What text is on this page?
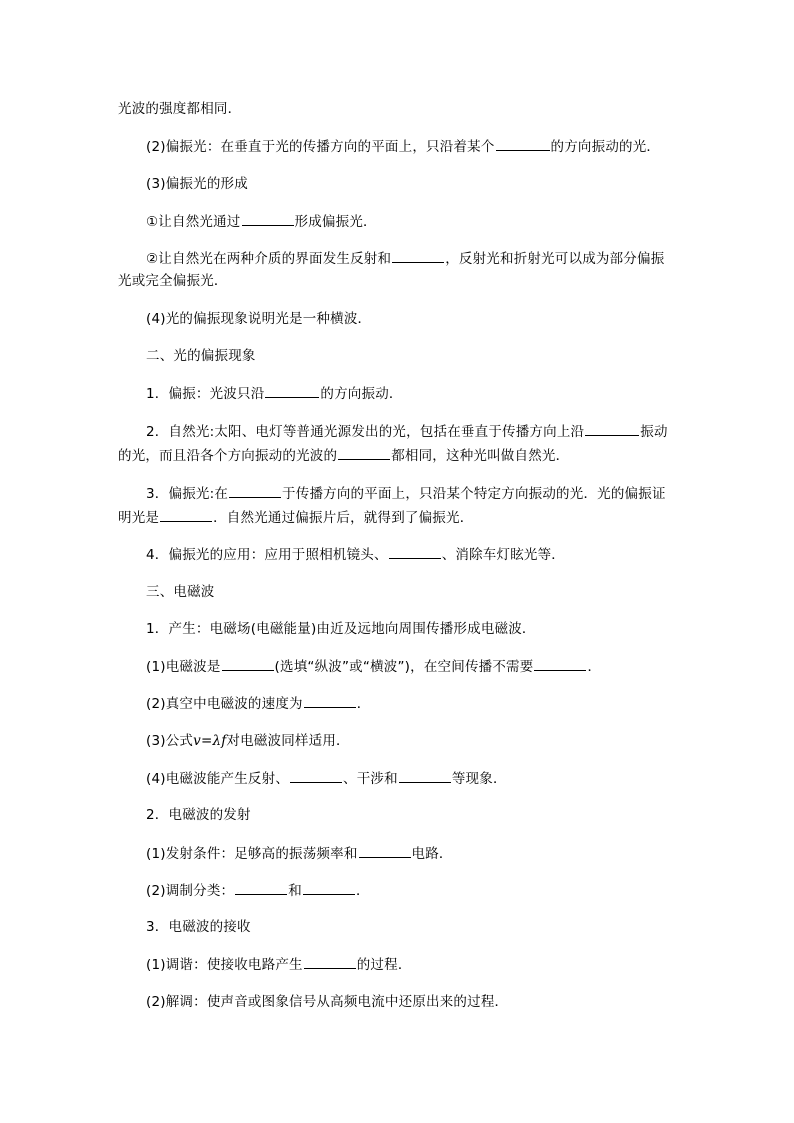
光波的强度都相同．

(2)偏振光：在垂直于光的传播方向的平面上，只沿着某个	的方向振动的光．

(3)偏振光的形成

①让自然光通过	形成偏振光．

②让自然光在两种介质的界面发生反射和	，反射光和折射光可以成为部分偏振

光或完全偏振光．

(4)光的偏振现象说明光是一种横波．

二、光的偏振现象

1．偏振：光波只沿	的方向振动．

2．自然光:太阳、电灯等普通光源发出的光，包括在垂直于传播方向上沿	振动

的光，而且沿各个方向振动的光波的	都相同，这种光叫做自然光．

3．偏振光:在	于传播方向的平面上，只沿某个特定方向振动的光．光的偏振证

明光是	．自然光通过偏振片后，就得到了偏振光．

4．偏振光的应用：应用于照相机镜头、	、消除车灯眩光等．

三、电磁波

1．产生：电磁场(电磁能量)由近及远地向周围传播形成电磁波．

(1)电磁波是	(选填“纵波”或“横波”)，在空间传播不需要	．

(2)真空中电磁波的速度为	．

(3)公式v=λf对电磁波同样适用．

(4)电磁波能产生反射、	、干涉和	等现象．

2．电磁波的发射

(1)发射条件：足够高的振荡频率和	电路．

(2)调制分类：	和	．

3．电磁波的接收

(1)调谐：使接收电路产生	的过程．

(2)解调：使声音或图象信号从高频电流中还原出来的过程．
